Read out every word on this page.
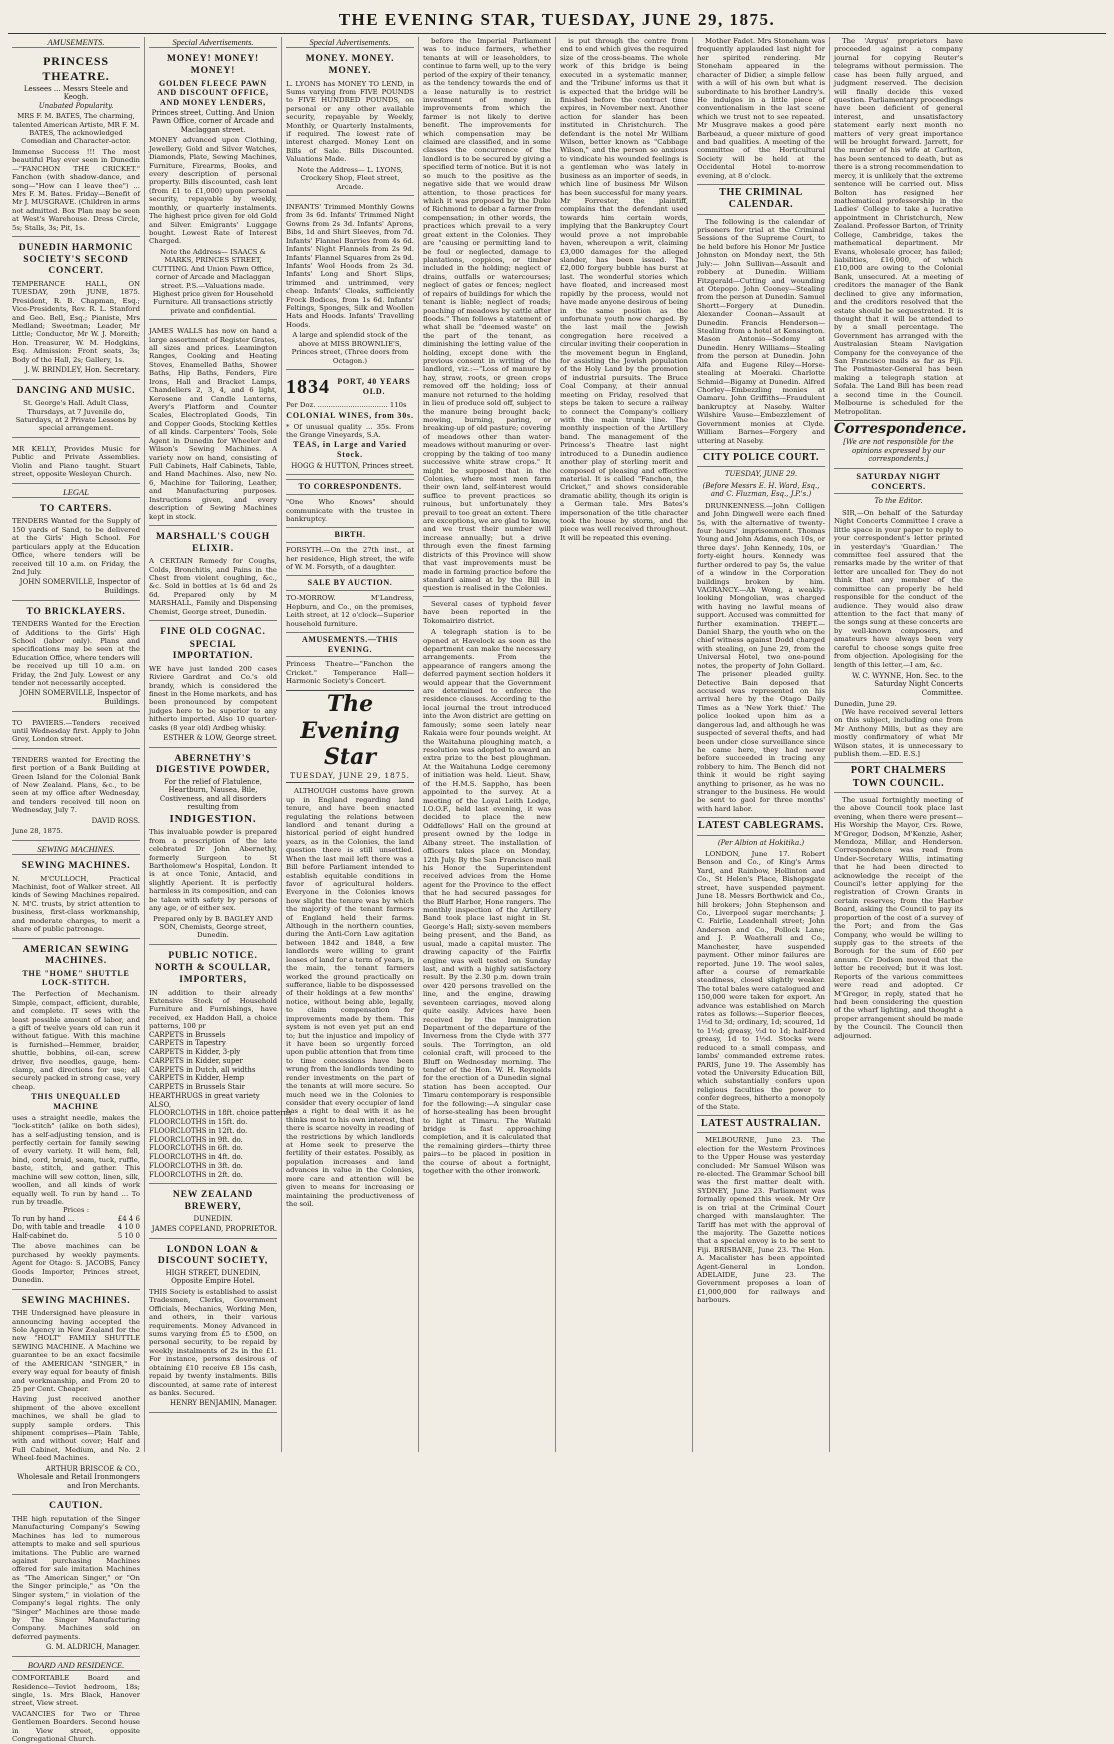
THE EVENING STAR, TUESDAY, JUNE 29, 1875.
AMUSEMENTS.
PRINCESS THEATRE.
Lessees ... Messrs Steele and Keogh.
Unabated Popularity.
MRS F. M. BATES, The charming, talented American Artiste, MR F. M. BATES, The acknowledged Comedian and Character-actor.
Immense Success !!! The most beautiful Play ever seen in Dunedin—"FANCHON THE CRICKET." Fanchon (with shadow-dance, and song—"How can I leave thee") ... Mrs F. M. Bates. Friday—Benefit of Mr J. MUSGRAVE. (Children in arms not admitted. Box Plan may be seen at West's Warehouse. Dress Circle, 5s; Stalls, 3s; Pit, 1s.
DUNEDIN HARMONIC SOCIETY'S SECOND CONCERT.
TEMPERANCE HALL, ON TUESDAY, 29th JUNE, 1875. President, R. B. Chapman, Esq.; Vice-Presidents, Rev. R. L. Stanford and Geo. Bell, Esq.; Pianiste, Mrs Medland; Sweetman; Leader, Mr Little; Conductor, Mr W. J. Moreith; Hon. Treasurer, W. M. Hodgkins, Esq. Admission: Front seats, 3s; Body of the Hall, 2s; Gallery, 1s.
J. W. BRINDLEY, Hon. Secretary.
DANCING AND MUSIC.
St. George's Hall. Adult Class, Thursdays, at 7 Juvenile do, Saturdays, at 2 Private Lessons by special arrangement.
MR KELLY, Provides Music for Public and Private Assemblies. Violin and Piano taught. Stuart street, opposite Wesleyan Church.
LEGAL
TO CARTERS.
TENDERS Wanted for the Supply of 150 yards of Sand, to be delivered at the Girls' High School. For particulars apply at the Education Office, where tenders will be received till 10 a.m. on Friday, the 2nd July.
JOHN SOMERVILLE, Inspector of Buildings.
TO BRICKLAYERS.
TENDERS Wanted for the Erection of Additions to the Girls' High School (labor only). Plans and specifications may be seen at the Education Office, where tenders will be received up till 10 a.m. on Friday, the 2nd July. Lowest or any tender not necessarily accepted.
JOHN SOMERVILLE, Inspector of Buildings.
TO PAVIERS.—Tenders received until Wednesday first. Apply to John Grey, London street.
TENDERS wanted for Erecting the first portion of a Bank Building at Green Island for the Colonial Bank of New Zealand. Plans, &c., to be seen at my office after Wednesday, and tenders received till noon on Wednesday, July 7.
DAVID ROSS.
June 28, 1875.
SEWING MACHINES.
SEWING MACHINES.
N. M'CULLOCH, Practical Machinist, foot of Walker street. All kinds of Sewing Machines repaired. N. M'C. trusts, by strict attention to business, first-class workmanship, and moderate charges, to merit a share of public patronage.
AMERICAN SEWING MACHINES.
THE "HOME" SHUTTLE LOCK-STITCH.
The Perfection of Mechanism. Simple, compact, efficient, durable, and complete. IT sews with the least possible amount of labor, and a gift of twelve years old can run it without fatigue. With this machine is furnished—Hemmer, braider, shuttle, bobbins, oil-can, screw driver, five needles, gauge, hem-clamp, and directions for use; all securely packed in strong case, very cheap.
THIS UNEQUALLED MACHINE
uses a straight needle, makes the "lock-stitch" (alike on both sides), has a self-adjusting tension, and is perfectly certain for family sewing of every variety. It will hem, fell, bind, cord, braid, seam, tuck, ruffle, baste, stitch, and gather. This machine will sew cotton, linen, silk, woollen, and all kinds of work equally well. To run by hand ... To run by treadle.
Prices :
To run by hand ...	£4 4 6
Do, with table and treadle 4 10 0
Half-cabinet do.	5 10 0
The above machines can be purchased by weekly payments. Agent for Otago: S. JACOBS, Fancy Goods Importer, Princes street, Dunedin.
SEWING MACHINES.
THE Undersigned have pleasure in announcing having accepted the Sole Agency in New Zealand for the new "HOLT" FAMILY SHUTTLE SEWING MACHINE. A Machine we guarantee to be an exact facsimile of the AMERICAN "SINGER," in every way equal for beauty of finish and workmanship, and From 20 to 25 per Cent. Cheaper.
Having just received another shipment of the above excellent machines, we shall be glad to supply sample orders. This shipment comprises—Plain Table, with and without cover; Half and Full Cabinet, Medium, and No. 2 Wheel-feed Machines.
ARTHUR BRISCOE & CO., Wholesale and Retail Ironmongers and Iron Merchants.
CAUTION.
THE high reputation of the Singer Manufacturing Company's Sewing Machines has led to numerous attempts to make and sell spurious imitations. The Public are warned against purchasing Machines offered for sale imitation Machines as "The American Singer," or "On the Singer principle," as "On the Singer system," in violation of the Company's legal rights. The only "Singer" Machines are those made by The Singer Manufacturing Company. Machines sold on deferred payments.
G. M. ALDRICH, Manager.
BOARD AND RESIDENCE.
COMFORTABLE Board and Residence—Teviot hedroom, 18s; single, 1s. Mrs Black, Hanover street, View street.
VACANCIES for Two or Three Gentlemen Boarders. Second house in View street, opposite Congregational Church.
Special Advertisements.
MONEY! MONEY! MONEY!
GOLDEN FLEECE PAWN AND DISCOUNT OFFICE, AND MONEY LENDERS,
Princes street, Cutting. And Union Pawn Office, corner of Arcade and Maclaggan street.
MONEY advanced upon Clothing, Jewellery, Gold and Silver Watches, Diamonds, Plate, Sewing Machines, Furniture, Firearms, Books, and every description of personal property. Bills discounted, cash lent (from £1 to £1,000) upon personal security, repayable by weekly, monthly, or quarterly instalments. The highest price given for old Gold and Silver. Emigrants' Luggage bought. Lowest Rate of Interest Charged.
Note the Address— ISAACS & MARKS, PRINCES STREET, CUTTING. And Union Pawn Office, corner of Arcade and Maclaggan street. P.S.—Valuations made. Highest price given for Household Furniture. All transactions strictly private and confidential.
JAMES WALLS has now on hand a large assortment of Register Grates, all sizes and prices. Leamington Ranges, Cooking and Heating Stoves, Enamelled Baths, Shower Baths, Hip Baths, Fenders, Fire Irons, Hall and Bracket Lamps, Chandeliers 2, 3, 4, and 6 light, Kerosene and Candle Lanterns, Avery's Platform and Counter Scales, Electroplated Goods, Tin and Copper Goods, Stocking Kettles of all kinds. Carpenters' Tools, Sole Agent in Dunedin for Wheeler and Wilson's Sewing Machines. A variety now on hand, consisting of Full Cabinets, Half Cabinets, Table, and Hand Machines. Also, new No. 6, Machine for Tailoring, Leather, and Manufacturing purposes. Instructions given, and every description of Sewing Machines kept in stock.
MARSHALL'S COUGH ELIXIR.
A CERTAIN Remedy for Coughs, Colds, Bronchitis, and Pains in the Chest from violent coughing, &c., &c. Sold in bottles at 1s 6d and 2s 6d. Prepared only by M MARSHALL, Family and Dispensing Chemist, George street, Dunedin.
FINE OLD COGNAC.
SPECIAL IMPORTATION.
WE have just landed 200 cases Riviere Gardrat and Co.'s old brandy, which is considered the finest in the Home markets, and has been pronounced by competent judges here to be superior to any hitherto imported. Also 10 quarter-casks (8 year old) Ardbeg whisky.
ESTHER & LOW, George street.
ABERNETHY'S DIGESTIVE POWDER,
For the relief of Flatulence, Heartburn, Nausea, Bile, Costiveness, and all disorders resulting from
INDIGESTION.
This invaluable powder is prepared from a prescription of the late celebrated Dr John Abernethy, formerly Surgeon to St Bartholomew's Hospital, London. It is at once Tonic, Antacid, and slightly Aperient. It is perfectly harmless in its composition, and can be taken with safety by persons of any age, or of either sex.
Prepared only by B. BAGLEY AND SON, Chemists, George street, Dunedin.
PUBLIC NOTICE.
NORTH & SCOULLAR, IMPORTERS,
IN addition to their already Extensive Stock of Household Furniture and Furnishings, have received, ex Haddon Hall, a choice patterns, 100 pr
CARPETS in Brussels
CARPETS in Tapestry
CARPETS in Kidder, 3-ply
CARPETS in Kidder, super
CARPETS in Dutch, all widths
CARPETS in Kidder, Hemp
CARPETS in Brussels Stair
HEARTHRUGS in great variety
ALSO,
FLOORCLOTHS in 18ft. choice patterns
FLOORCLOTHS in 15ft. do.
FLOORCLOTHS in 12ft. do.
FLOORCLOTHS in 9ft. do.
FLOORCLOTHS in 6ft. do.
FLOORCLOTHS in 4ft. do.
FLOORCLOTHS in 3ft. do.
FLOORCLOTHS in 2ft. do.
NEW ZEALAND BREWERY,
DUNEDIN.
JAMES COPELAND, PROPRIETOR.
LONDON LOAN & DISCOUNT SOCIETY,
HIGH STREET, DUNEDIN, Opposite Empire Hotel.
THIS Society is established to assist Tradesmen, Clerks, Government Officials, Mechanics, Working Men, and others, in their various requirements. Money Advanced in sums varying from £5 to £500, on personal security, to be repaid by weekly instalments of 2s in the £1. For instance, persons desirous of obtaining £10 receive £8 15s cash, repaid by twenty instalments. Bills discounted, at same rate of interest as banks. Secured.
HENRY BENJAMIN, Manager.
Special Advertisements.
MONEY. MONEY. MONEY.
L. LYONS has MONEY TO LEND, in Sums varying from FIVE POUNDS to FIVE HUNDRED POUNDS, on personal or any other available security, repayable by Weekly, Monthly, or Quarterly Instalments, if required. The lowest rate of interest charged. Money Lent on Bills of Sale. Bills Discounted. Valuations Made.
Note the Address— L. LYONS, Crockery Shop, Fleet street, Arcade.
INFANTS' Trimmed Monthly Gowns from 3s 6d. Infants' Trimmed Night Gowns from 2s 3d. Infants' Aprons, Bibs, 1d and Shirt Sleeves, from 7d. Infants' Flannel Barries from 4s 6d. Infants' Night Flannels from 2s 9d. Infants' Flannel Squares from 2s 9d. Infants' Wool Hoods from 2s 3d. Infants' Long and Short Slips, trimmed and untrimmed, very cheap. Infants' Cloaks, sufficiently Frock Bodices, from 1s 6d. Infants' Feltings, Sponges, Silk and Woollen Hats and Hoods. Infants' Travelling Hoods.
A large and splendid stock of the above at MISS BROWNLIE'S, Princes street, (Three doors from Octagon.)
1834 PORT, 40 YEARS OLD.
Per Doz. ................................ 110s
COLONIAL WINES, from 30s.
* Of unusual quality ... 35s. From the Grange Vineyards, S.A.
TEAS, in Large and Varied Stock.
HOGG & HUTTON, Princes street.
TO CORRESPONDENTS.
"One Who Knows" should communicate with the trustee in bankruptcy.
BIRTH.
FORSYTH.—On the 27th inst., at her residence, High street, the wife of W. M. Forsyth, of a daughter.
SALE BY AUCTION.
TO-MORROW. M'Landress, Hepburn, and Co., on the premises, Leith street, at 12 o'clock—Superior household furniture.
AMUSEMENTS.—THIS EVENING.
Princess Theatre—"Fanchon the Cricket." Temperance Hall—Harmonic Society's Concert.
The Evening Star
TUESDAY, JUNE 29, 1875.

ALTHOUGH customs have grown up in England regarding land tenure, and have been enacted regulating the relations between landlord and tenant during a historical period of eight hundred years, as in the Colonies, the land question there is still unsettled. When the last mail left there was a Bill before Parliament intended to establish equitable conditions in favor of agricultural holders. Everyone in the Colonies knows how slight the tenure was by which the majority of the tenant farmers of England held their farms. Although in the northern counties, during the Anti-Corn Law agitation between 1842 and 1848, a few landlords were willing to grant leases of land for a term of years, in the main, the tenant farmers worked the ground practically on sufferance, liable to be dispossessed of their holdings at a few months' notice, without being able, legally, to claim compensation for improvements made by them. This system is not even yet put an end to; but the injustice and impolicy of it have been so urgently forced upon public attention that from time to time concessions have been wrung from the landlords tending to render investments on the part of the tenants at will more secure. So much need we in the Colonies to consider that every occupier of land has a right to deal with it as he thinks most to his own interest, that there is scarce novelty in reading of the restrictions by which landlords at Home seek to preserve the fertility of their estates. Possibly, as population increases and land advances in value in the Colonies, more care and attention will be given to means for increasing or maintaining the productiveness of the soil.

before the Imperial Parliament was to induce farmers, whether tenants at will or leaseholders, to continue to farm well, up to the very period of the expiry of their tenancy, as the tendency towards the end of a lease naturally is to restrict investment of money in improvements from which the farmer is not likely to derive benefit. The improvements for which compensation may be claimed are classified, and in some classes the concurrence of the landlord is to be secured by giving a specified term of notice. But it is not so much to the positive as the negative side that we would draw attention, to those practices for which it was proposed by the Duke of Richmond to debar a farmer from compensation; in other words, the practices which prevail to a very great extent in the Colonies. They are "causing or permitting land to be foul or neglected, damage to plantations, coppices, or timber included in the holding; neglect of drains, outfalls or watercourses; neglect of gates or fences; neglect of repairs of buildings for which the tenant is liable; neglect of roads; poaching of meadows by cattle after floods." Then follows a statement of what shall be "deemed waste" on the part of the tenant, as diminishing the letting value of the holding, except done with the previous consent in writing of the landlord, viz.:—"Loss of manure by hay, straw, roots, or green crops removed off the holding; loss of manure not returned to the holding in lieu of produce sold off, subject to the manure being brought back; mowing, burning, paring, or breaking-up of old pasture; covering of meadows other than water-meadows without manuring or over-cropping by the taking of too many successive white straw crops." It might be supposed that in the Colonies, where most men farm their own land, self-interest would suffice to prevent practices so ruinous, but unfortunately they prevail to too great an extent. There are exceptions, we are glad to know, and we trust their number will increase annually; but a drive through even the finest farming districts of this Province will show that vast improvements must be made in farming practice before the standard aimed at by the Bill in question is realised in the Colonies.

Several cases of typhoid fever have been reported in the Tokomairiro district.

A telegraph station is to be opened at Havelock as soon as the department can make the necessary arrangements. From the appearance of rangers among the deferred payment section holders it would appear that the Government are determined to enforce the residence clauses. According to the local journal the trout introduced into the Avon district are getting on famously; some seen lately near Rakaia were four pounds weight. At the Waitahuna ploughing match, a resolution was adopted to award an extra prize to the best ploughman. At the Waitahuna Lodge ceremony of initiation was held. Lieut. Shaw, of the H.M.S. Sappho, has been appointed to the survey. At a meeting of the Loyal Leith Lodge, I.O.O.F., held last evening, it was decided to place the new Oddfellows' Hall on the ground at present owned by the lodge in Albany street. The installation of officers takes place on Monday, 12th July. By the San Francisco mail his Honor the Superintendent received advices from the Home agent for the Province to the effect that he had secured passages for the Bluff Harbor, Hone rangers. The monthly inspection of the Artillery Band took place last night in St. George's Hall; sixty-seven members being present, and the Band, as usual, made a capital muster. The drawing capacity of the Fairfix engine was well tested on Sunday last, and with a highly satisfactory result. By the 2.30 p.m. down train over 420 persons travelled on the line, and the engine, drawing seventeen carriages, moved along quite easily. Advices have been received by the Immigration Department of the departure of the Inverness from the Clyde with 377 souls. The Torrington, an old colonial craft, will proceed to the Bluff on Wednesday morning. The tender of the Hon. W. H. Reynolds for the erection of a Dunedin signal station has been accepted. Our Timaru contemporary is responsible for the following:—A singular case of horse-stealing has been brought to light at Timaru. The Waitaki bridge is fast approaching completion, and it is calculated that the remaining girders—thirty three pairs—to be placed in position in the course of about a fortnight, together with the other ironwork.

is put through the centre from end to end which gives the required size of the cross-beams. The whole work of this bridge is being executed in a systematic manner, and the 'Tribune' informs us that it is expected that the bridge will be finished before the contract time expires, in November next. Another action for slander has been instituted in Christchurch. The defendant is the notel Mr William Wilson, better known as "Cabbage Wilson," and the person so anxious to vindicate his wounded feelings is a gentleman who was lately in business as an importer of seeds, in which line of business Mr Wilson has been successful for many years. Mr Forrester, the plaintiff, complains that the defendant used towards him certain words, implying that the Bankruptcy Court would prove a not improbable haven, whereupon a writ, claiming £3,000 damages for the alleged slander, has been issued. The £2,000 forgery bubble has burst at last. The wonderful stories which have floated, and increased most rapidly by the process, would not have made anyone desirous of being in the same position as the unfortunate youth now charged. By the last mail the Jewish congregation here received a circular inviting their cooperation in the movement begun in England, for assisting the Jewish population of the Holy Land by the promotion of industrial pursuits. The Bruce Coal Company, at their annual meeting on Friday, resolved that steps be taken to secure a railway to connect the Company's colliery with the main trunk line. The monthly inspection of the Artillery band. The management of the Princess's Theatre last night introduced to a Dunedin audience another play of sterling merit and composed of pleasing and effective material. It is called "Fanchon, the Cricket," and shows considerable dramatic ability, though its origin is a German tale. Mrs Bates's impersonation of the title character took the house by storm, and the piece was well received throughout. It will be repeated this evening.

Mother Fadet. Mrs Stoneham was frequently applauded last night for her spirited rendering. Mr Stoneham appeared in the character of Didier, a simple fellow with a will of his own but what is subordinate to his brother Landry's. He indulges in a little piece of conventionalism in the last scene which we trust not to see repeated. Mr Musgrave makes a good père Barbeaud, a queer mixture of good and bad qualities. A meeting of the committee of the Horticultural Society will be held at the Occidental Hotel to-morrow evening, at 8 o'clock.

THE CRIMINAL CALENDAR.

The following is the calendar of prisoners for trial at the Criminal Sessions of the Supreme Court, to be held before his Honor Mr Justice Johnston on Monday next, the 5th July:— John Sullivan—Assault and robbery at Dunedin. William Fitzgerald—Cutting and wounding at Otepopo. John Cooney—Stealing from the person at Dunedin. Samuel Shortt—Forgery at Dunedin. Alexander Coonan—Assault at Dunedin. Francis Henderson—Stealing from a hotel at Kensington. Mason Antonio—Sodomy at Dunedin. Henry Williams—Stealing from the person at Dunedin. John Alfa and Eugene Riley—Horse-stealing at Moeraki. Charlotte Schmid—Bigamy at Dunedin. Alfred Chorley—Embezzling monies at Oamaru. John Griffiths—Fraudulent bankruptcy at Naseby. Walter Wilshire Vause—Embezzlement of Government monies at Clyde. William Barnes—Forgery and uttering at Naseby.

CITY POLICE COURT.
TUESDAY, JUNE 29.
(Before Messrs E. H. Ward, Esq., and C. Fluzman, Esq., J.P.'s.)

DRUNKENNESS.—John Colligen and John Dingwell were each fined 5s, with the alternative of twenty-four hours' imprisonment. Thomas Young and John Adams, each 10s, or three days'. John Kennedy, 10s, or forty-eight hours. Kennedy was further ordered to pay 5s, the value of a window in the Corporation buildings broken by him. VAGRANCY.—Ah Wong, a weakly-looking Mongolian, was charged with having no lawful means of support. Accused was committed for further examination. THEFT.—Daniel Sharp, the youth who on the chief witness against Dodd charged with stealing, on June 29, from the Universal Hotel, two one-pound notes, the property of John Gollard. The prisoner pleaded guilty. Detective Bain deposed that accused was represented on his arrival here by the Otago Daily Times as a 'New York thief.' The police looked upon him as a dangerous lad, and although he was suspected of several thefts, and had been under close surveillance since he came here, they had never before succeeded in tracing any robbery to him. The Bench did not think it would be right saying anything to prisoner, as he was no stranger to the business. He would be sent to gaol for three months' with hard labor.

LATEST CABLEGRAMS.
(Per Albion at Hokitika.)

LONDON, June 17. Robert Benson and Co., of King's Arms Yard, and Rainbow, Hollinton and Co., St Helen's Place, Bishopsgate street, have suspended payment. June 18. Messrs Borthwick and Co., hill brokers; John Stephenson and Co., Liverpool sugar merchants; J. C. Fairlie, Leadenhall street; John Anderson and Co., Pollock Lane; and J. P. Weatherall and Co., Manchester, have suspended payment. Other minor failures are reported. June 19. The wool sales, after a course of remarkable steadiness, closed slightly weaker. The total bales were catalogued and 150,000 were taken for export. An advance was established on March rates as follows:—Superior fleeces, 1½d to 3d; ordinary, 1d; scoured, 1d to 1½d; greasy, ½d to 1d; half-bred greasy, 1d to 1½d. Stocks were reduced to a small compass, and lambs' commanded extreme rates. PARIS, June 19. The Assembly has voted the University Education Bill, which substantially confers upon religious faculties the power to confer degrees, hitherto a monopoly of the State.

LATEST AUSTRALIAN.

MELBOURNE, June 23. The election for the Western Provinces to the Upper House was yesterday concluded: Mr Samuel Wilson was re-elected. The Grammar School bill was the first matter dealt with. SYDNEY, June 23. Parliament was formally opened this week. Mr Orr is on trial at the Criminal Court charged with manslaughter. The Tariff has met with the approval of the majority. The Gazette notices that a special envoy is to be sent to Fiji. BRISBANE, June 23. The Hon. A. Macalister has been appointed Agent-General in London. ADELAIDE, June 23. The Government proposes a loan of £1,000,000 for railways and harbours.

The 'Argus' proprietors have proceeded against a company journal for copying Reuter's telegrams without permission. The case has been fully argued, and judgment reserved. The decision will finally decide this vexed question. Parliamentary proceedings have been deficient of general interest, and unsatisfactory statement early next month no matters of very great importance will be brought forward. Jarrett, for the murder of his wife at Carlton, has been sentenced to death, but as there is a strong recommendation to mercy, it is unlikely that the extreme sentence will be carried out. Miss Bolton has resigned her mathematical professorship in the Ladies' College to take a lucrative appointment in Christchurch, New Zealand. Professor Barton, of Trinity College, Cambridge, takes the mathematical department. Mr Evans, wholesale grocer, has failed; liabilities, £16,000, of which £10,000 are owing to the Colonial Bank, unsecured. At a meeting of creditors the manager of the Bank declined to give any information, and the creditors resolved that the estate should be sequestrated. It is thought that it will be attended to by a small percentage. The Government has arranged with the Australasian Steam Navigation Company for the conveyance of the San Francisco mails as far as Fiji. The Postmaster-General has been making a telegraph station at Sofala. The Land Bill has been read a second time in the Council. Melbourne is scheduled for the Metropolitan.

Correspondence.
[We are not responsible for the opinions expressed by our correspondents.]
SATURDAY NIGHT CONCERTS.
To the Editor.

SIR,—On behalf of the Saturday Night Concerts Committee I crave a little space in your paper to reply to your correspondent's letter printed in yesterday's 'Guardian.' The committee feel assured that the remarks made by the writer of that letter are uncalled for. They do not think that any member of the committee can properly be held responsible for the conduct of the audience. They would also draw attention to the fact that many of the songs sung at these concerts are by well-known composers, and amateurs have always been very careful to choose songs quite free from objection. Apologising for the length of this letter,—I am, &c.

W. C. WYNNE, Hon. Sec. to the Saturday Night Concerts Committee.
Dunedin, June 29.

[We have received several letters on this subject, including one from Mr Anthony Mills, but as they are mostly confirmatory of what Mr Wilson states, it is unnecessary to publish them.—ED. E.S.]

PORT CHALMERS TOWN COUNCIL.

The usual fortnightly meeting of the above Council took place last evening, when there were present—His Worship the Mayor, Crs. Rowe, M'Gregor, Dodson, M'Kenzie, Asher, Mendoza, Millar, and Henderson. Correspondence was read from Under-Secretary Willis, intimating that he had been directed to acknowledge the receipt of the Council's letter applying for the registration of Crown Grants in certain reserves; from the Harbor Board, asking the Council to pay its proportion of the cost of a survey of the Port; and from the Gas Company, who would be willing to supply gas to the streets of the Borough for the sum of £60 per annum. Cr Dodson moved that the letter be received; but it was lost. Reports of the various committees were read and adopted. Cr M'Gregor, in reply, stated that he had been considering the question of the wharf lighting, and thought a proper arrangement should be made by the Council. The Council then adjourned.
